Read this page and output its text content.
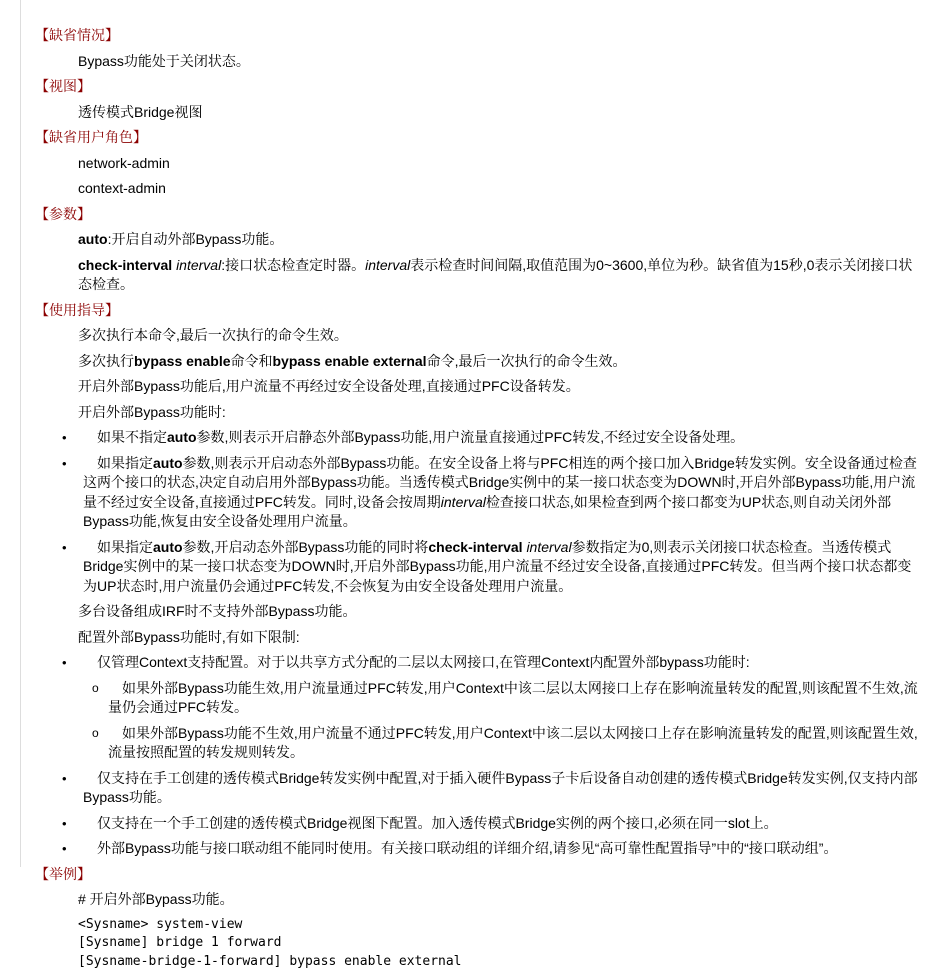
【缺省情况】
Bypass功能处于关闭状态。
【视图】
透传模式Bridge视图
【缺省用户角色】
network-admin
context-admin
【参数】
auto:开启自动外部Bypass功能。
check-interval interval:接口状态检查定时器。interval表示检查时间间隔,取值范围为0~3600,单位为秒。缺省值为15秒,0表示关闭接口状态检查。
【使用指导】
多次执行本命令,最后一次执行的命令生效。
多次执行bypass enable命令和bypass enable external命令,最后一次执行的命令生效。
开启外部Bypass功能后,用户流量不再经过安全设备处理,直接通过PFC设备转发。
开启外部Bypass功能时:
• 如果不指定auto参数,则表示开启静态外部Bypass功能,用户流量直接通过PFC转发,不经过安全设备处理。
• 如果指定auto参数,则表示开启动态外部Bypass功能。在安全设备上将与PFC相连的两个接口加入Bridge转发实例。安全设备通过检查这两个接口的状态,决定自动启用外部Bypass功能。当透传模式Bridge实例中的某一接口状态变为DOWN时,开启外部Bypass功能,用户流量不经过安全设备,直接通过PFC转发。同时,设备会按周期interval检查接口状态,如果检查到两个接口都变为UP状态,则自动关闭外部Bypass功能,恢复由安全设备处理用户流量。
• 如果指定auto参数,开启动态外部Bypass功能的同时将check-interval interval参数指定为0,则表示关闭接口状态检查。当透传模式Bridge实例中的某一接口状态变为DOWN时,开启外部Bypass功能,用户流量不经过安全设备,直接通过PFC转发。但当两个接口状态都变为UP状态时,用户流量仍会通过PFC转发,不会恢复为由安全设备处理用户流量。
多台设备组成IRF时不支持外部Bypass功能。
配置外部Bypass功能时,有如下限制:
• 仅管理Context支持配置。对于以共享方式分配的二层以太网接口,在管理Context内配置外部bypass功能时:
o 如果外部Bypass功能生效,用户流量通过PFC转发,用户Context中该二层以太网接口上存在影响流量转发的配置,则该配置不生效,流量仍会通过PFC转发。
o 如果外部Bypass功能不生效,用户流量不通过PFC转发,用户Context中该二层以太网接口上存在影响流量转发的配置,则该配置生效,流量按照配置的转发规则转发。
• 仅支持在手工创建的透传模式Bridge转发实例中配置,对于插入硬件Bypass子卡后设备自动创建的透传模式Bridge转发实例,仅支持内部Bypass功能。
• 仅支持在一个手工创建的透传模式Bridge视图下配置。加入透传模式Bridge实例的两个接口,必须在同一slot上。
• 外部Bypass功能与接口联动组不能同时使用。有关接口联动组的详细介绍,请参见“高可靠性配置指导”中的“接口联动组”。
【举例】
# 开启外部Bypass功能。
<Sysname> system-view
[Sysname] bridge 1 forward
[Sysname-bridge-1-forward] bypass enable external
